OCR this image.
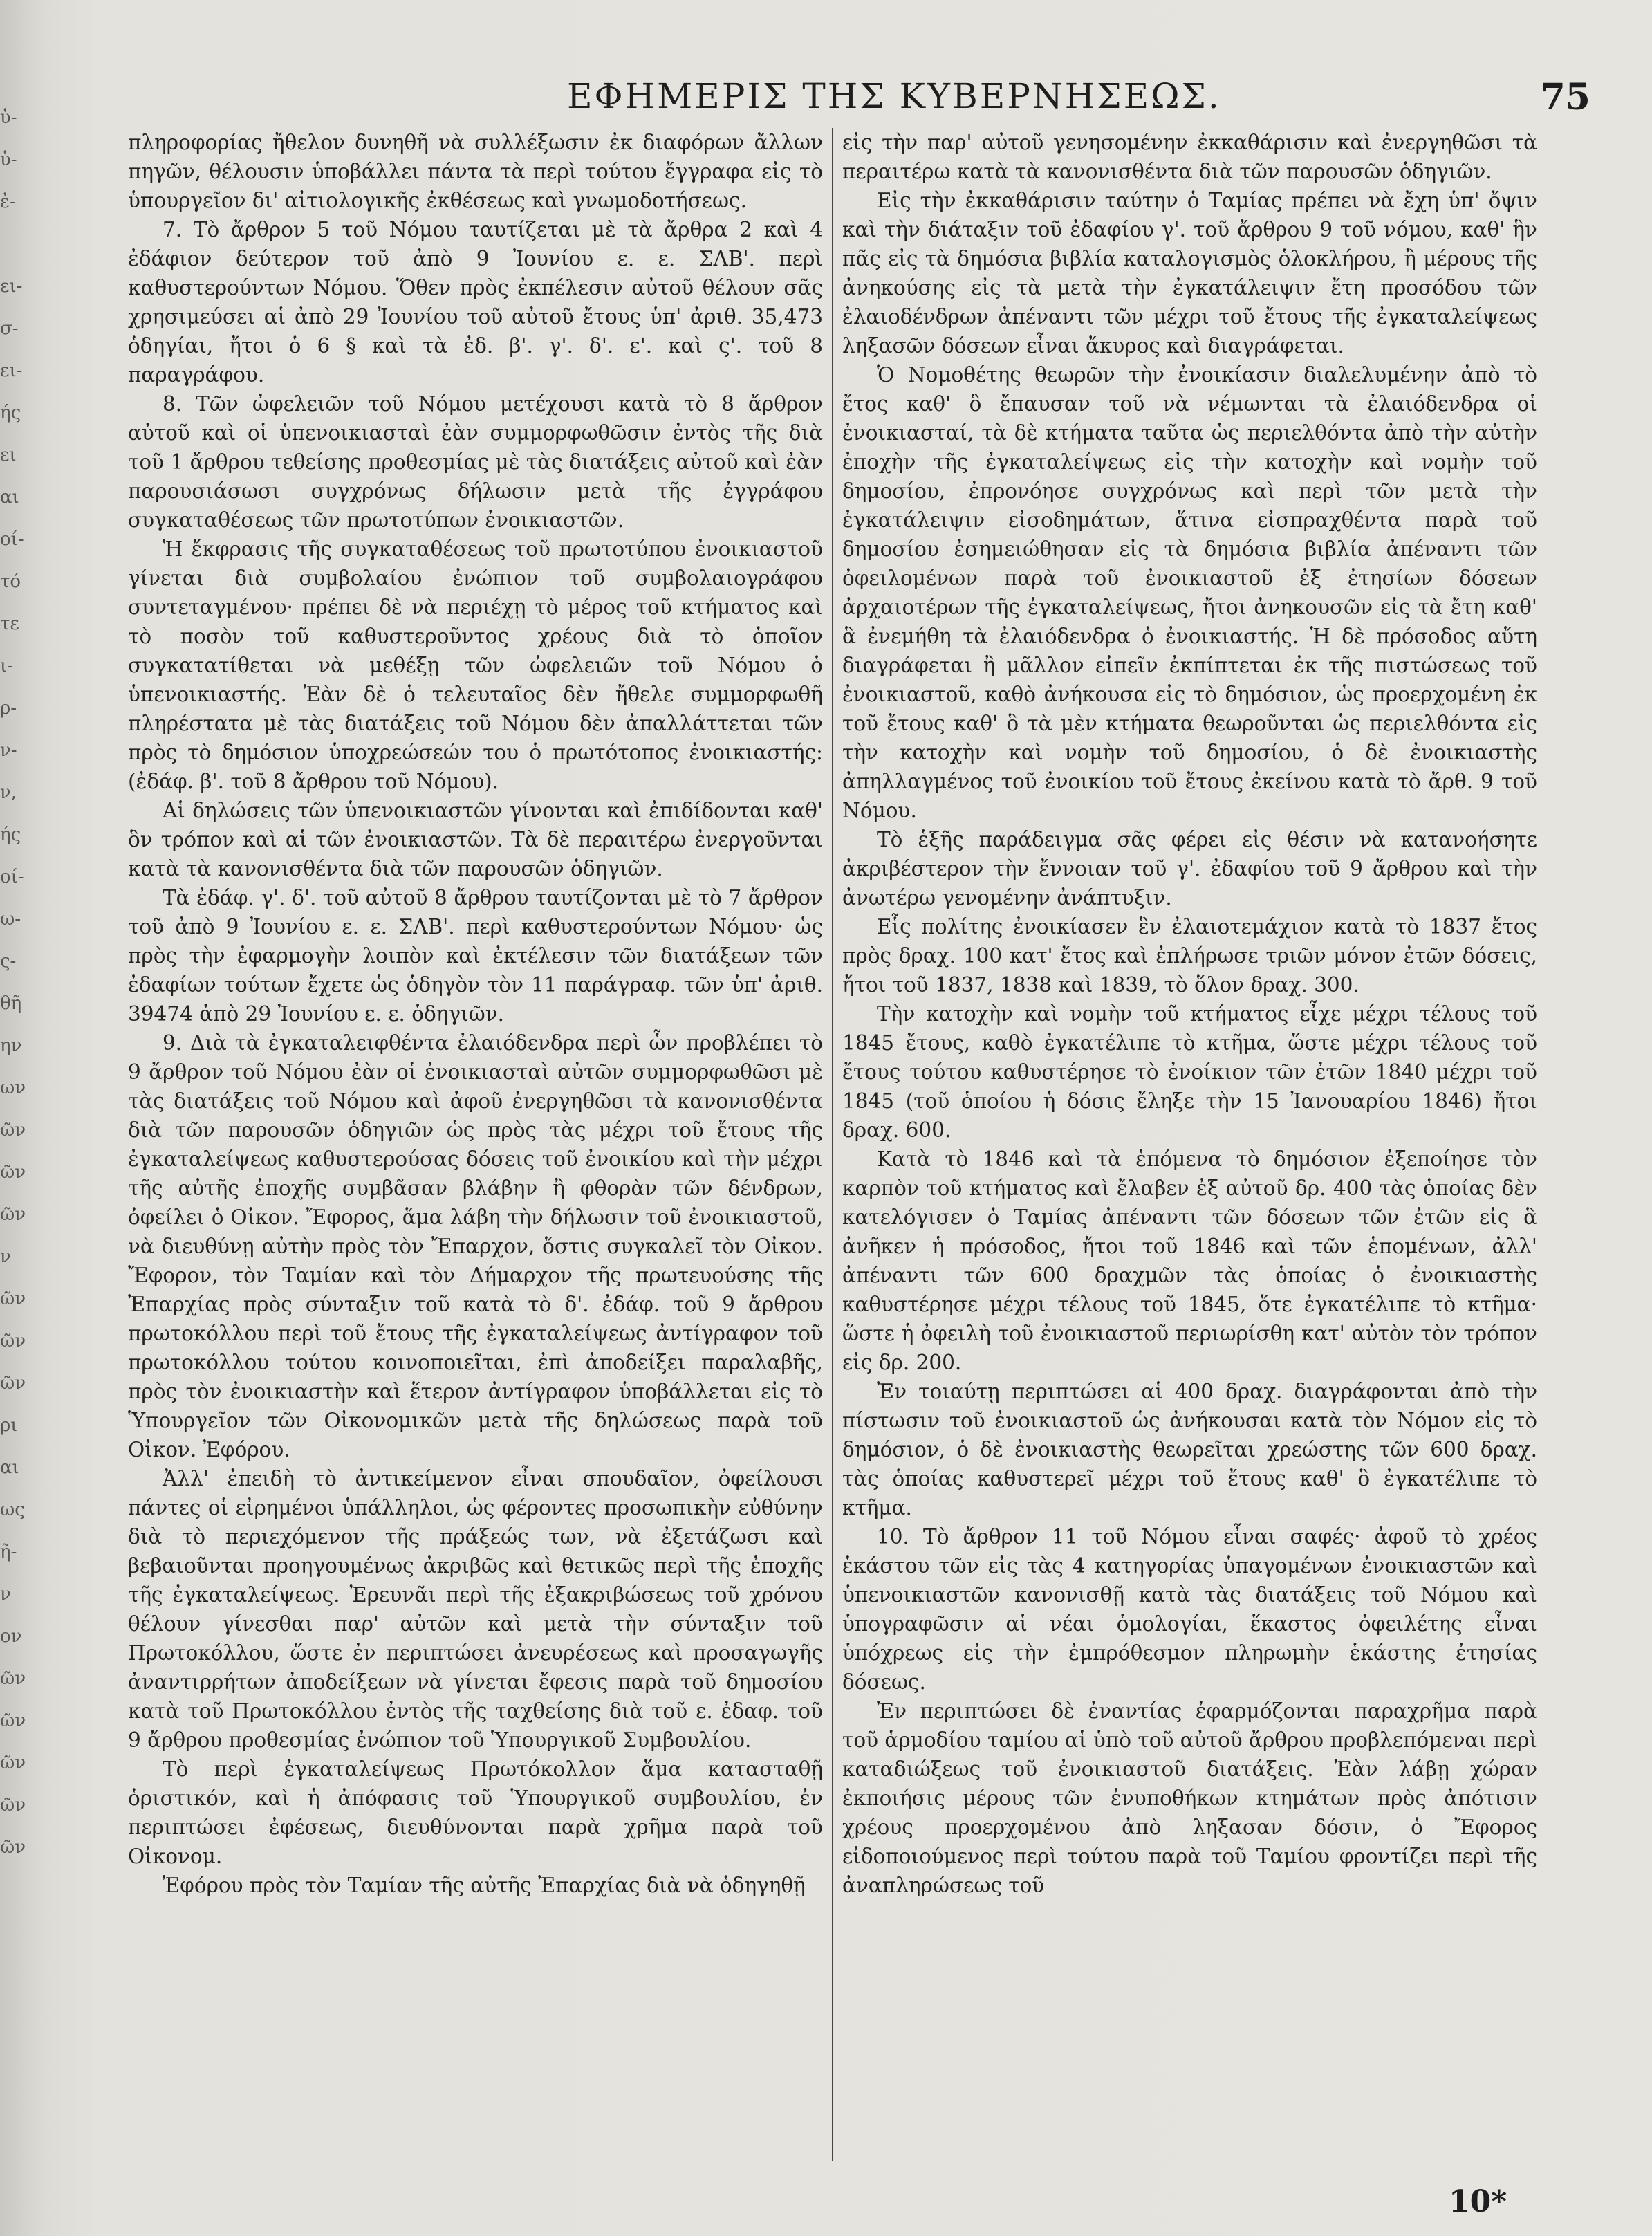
ὑ-
ὑ-
ἐ-
ει-
σ-
ει-
ής
ει
αι
οί-
τό
τε
ι-
ρ-
ν-
ν,
ής
οί-
ω-
ς-
θῆ
ην
ων
ῶν
ῶν
ῶν
ν
ῶν
ῶν
ῶν
ρι
αι
ως
ῆ-
ν
ον
ῶν
ῶν
ῶν
ῶν
ῶν
ΕΦΗΜΕΡΙΣ ΤΗΣ ΚΥΒΕΡΝΗΣΕΩΣ.	75

πληροφορίας ἤθελον δυνηθῆ νὰ συλλέξωσιν ἐκ διαφόρων ἄλλων πηγῶν, θέλουσιν ὑποβάλλει πάντα τὰ περὶ τούτου ἔγγραφα εἰς τὸ ὑπουργεῖον δι' αἰτιολογικῆς ἐκθέσεως καὶ γνωμοδοτήσεως.

7. Τὸ ἄρθρον 5 τοῦ Νόμου ταυτίζεται μὲ τὰ ἄρθρα 2 καὶ 4 ἐδάφιον δεύτερον τοῦ ἀπὸ 9 Ἰουνίου ε. ε. ΣΛΒ'. περὶ καθυστερούντων Νόμου. Ὅθεν πρὸς ἐκπέλεσιν αὐτοῦ θέλουν σᾶς χρησιμεύσει αἱ ἀπὸ 29 Ἰουνίου τοῦ αὐτοῦ ἔτους ὑπ' ἀριθ. 35,473 ὁδηγίαι, ἤτοι ὁ 6 § καὶ τὰ ἐδ. β'. γ'. δ'. ε'. καὶ ς'. τοῦ 8 παραγράφου.

8. Τῶν ὠφελειῶν τοῦ Νόμου μετέχουσι κατὰ τὸ 8 ἄρθρον αὐτοῦ καὶ οἱ ὑπενοικιασταὶ ἐὰν συμμορφωθῶσιν ἐντὸς τῆς διὰ τοῦ 1 ἄρθρου τεθείσης προθεσμίας μὲ τὰς διατάξεις αὐτοῦ καὶ ἐὰν παρουσιάσωσι συγχρόνως δήλωσιν μετὰ τῆς ἐγγράφου συγκαταθέσεως τῶν πρωτοτύπων ἐνοικιαστῶν.

Ἡ ἔκφρασις τῆς συγκαταθέσεως τοῦ πρωτοτύπου ἐνοικιαστοῦ γίνεται διὰ συμβολαίου ἐνώπιον τοῦ συμβολαιογράφου συντεταγμένου· πρέπει δὲ νὰ περιέχῃ τὸ μέρος τοῦ κτήματος καὶ τὸ ποσὸν τοῦ καθυστεροῦντος χρέους διὰ τὸ ὁποῖον συγκατατίθεται νὰ μεθέξῃ τῶν ὠφελειῶν τοῦ Νόμου ὁ ὑπενοικιαστής. Ἐὰν δὲ ὁ τελευταῖος δὲν ἤθελε συμμορφωθῆ πληρέστατα μὲ τὰς διατάξεις τοῦ Νόμου δὲν ἀπαλλάττεται τῶν πρὸς τὸ δημόσιον ὑποχρεώσεών του ὁ πρωτότοπος ἐνοικιαστής: (ἐδάφ. β'. τοῦ 8 ἄρθρου τοῦ Νόμου).

Αἱ δηλώσεις τῶν ὑπενοικιαστῶν γίνονται καὶ ἐπιδίδονται καθ' ὃν τρόπον καὶ αἱ τῶν ἐνοικιαστῶν. Τὰ δὲ περαιτέρω ἐνεργοῦνται κατὰ τὰ κανονισθέντα διὰ τῶν παρουσῶν ὁδηγιῶν.

Τὰ ἐδάφ. γ'. δ'. τοῦ αὐτοῦ 8 ἄρθρου ταυτίζονται μὲ τὸ 7 ἄρθρον τοῦ ἀπὸ 9 Ἰουνίου ε. ε. ΣΛΒ'. περὶ καθυστερούντων Νόμου· ὡς πρὸς τὴν ἐφαρμογὴν λοιπὸν καὶ ἐκτέλεσιν τῶν διατάξεων τῶν ἐδαφίων τούτων ἔχετε ὡς ὁδηγὸν τὸν 11 παράγραφ. τῶν ὑπ' ἀριθ. 39474 ἀπὸ 29 Ἰουνίου ε. ε. ὁδηγιῶν.

9. Διὰ τὰ ἐγκαταλειφθέντα ἐλαιόδενδρα περὶ ὧν προβλέπει τὸ 9 ἄρθρον τοῦ Νόμου ἐὰν οἱ ἐνοικιασταὶ αὐτῶν συμμορφωθῶσι μὲ τὰς διατάξεις τοῦ Νόμου καὶ ἀφοῦ ἐνεργηθῶσι τὰ κανονισθέντα διὰ τῶν παρουσῶν ὁδηγιῶν ὡς πρὸς τὰς μέχρι τοῦ ἔτους τῆς ἐγκαταλείψεως καθυστερούσας δόσεις τοῦ ἐνοικίου καὶ τὴν μέχρι τῆς αὐτῆς ἐποχῆς συμβᾶσαν βλάβην ἢ φθορὰν τῶν δένδρων, ὀφείλει ὁ Οἰκον. Ἔφορος, ἅμα λάβη τὴν δήλωσιν τοῦ ἐνοικιαστοῦ, νὰ διευθύνῃ αὐτὴν πρὸς τὸν Ἔπαρχον, ὅστις συγκαλεῖ τὸν Οἰκον. Ἔφορον, τὸν Ταμίαν καὶ τὸν Δήμαρχον τῆς πρωτευούσης τῆς Ἐπαρχίας πρὸς σύνταξιν τοῦ κατὰ τὸ δ'. ἐδάφ. τοῦ 9 ἄρθρου πρωτοκόλλου περὶ τοῦ ἔτους τῆς ἐγκαταλείψεως ἀντίγραφον τοῦ πρωτοκόλλου τούτου κοινοποιεῖται, ἐπὶ ἀποδείξει παραλαβῆς, πρὸς τὸν ἐνοικιαστὴν καὶ ἕτερον ἀντίγραφον ὑποβάλλεται εἰς τὸ Ὑπουργεῖον τῶν Οἰκονομικῶν μετὰ τῆς δηλώσεως παρὰ τοῦ Οἰκον. Ἐφόρου.

Ἀλλ' ἐπειδὴ τὸ ἀντικείμενον εἶναι σπουδαῖον, ὀφείλουσι πάντες οἱ εἰρημένοι ὑπάλληλοι, ὡς φέροντες προσωπικὴν εὐθύνην διὰ τὸ περιεχόμενον τῆς πράξεώς των, νὰ ἐξετάζωσι καὶ βεβαιοῦνται προηγουμένως ἀκριβῶς καὶ θετικῶς περὶ τῆς ἐποχῆς τῆς ἐγκαταλείψεως. Ἐρευνᾶι περὶ τῆς ἐξακριβώσεως τοῦ χρόνου θέλουν γίνεσθαι παρ' αὐτῶν καὶ μετὰ τὴν σύνταξιν τοῦ Πρωτοκόλλου, ὥστε ἐν περιπτώσει ἀνευρέσεως καὶ προσαγωγῆς ἀναντιρρήτων ἀποδείξεων νὰ γίνεται ἔφεσις παρὰ τοῦ δημοσίου κατὰ τοῦ Πρωτοκόλλου ἐντὸς τῆς ταχθείσης διὰ τοῦ ε. ἐδαφ. τοῦ 9 ἄρθρου προθεσμίας ἐνώπιον τοῦ Ὑπουργικοῦ Συμβουλίου.

Τὸ περὶ ἐγκαταλείψεως Πρωτόκολλον ἅμα κατασταθῇ ὁριστικόν, καὶ ἡ ἀπόφασις τοῦ Ὑπουργικοῦ συμβουλίου, ἐν περιπτώσει ἐφέσεως, διευθύνονται παρὰ χρῆμα παρὰ τοῦ Οἰκονομ.

Ἐφόρου πρὸς τὸν Ταμίαν τῆς αὐτῆς Ἐπαρχίας διὰ νὰ ὁδηγηθῇ

εἰς τὴν παρ' αὐτοῦ γενησομένην ἐκκαθάρισιν καὶ ἐνεργηθῶσι τὰ περαιτέρω κατὰ τὰ κανονισθέντα διὰ τῶν παρουσῶν ὁδηγιῶν.

Εἰς τὴν ἐκκαθάρισιν ταύτην ὁ Ταμίας πρέπει νὰ ἔχη ὑπ' ὄψιν καὶ τὴν διάταξιν τοῦ ἐδαφίου γ'. τοῦ ἄρθρου 9 τοῦ νόμου, καθ' ἣν πᾶς εἰς τὰ δημόσια βιβλία καταλογισμὸς ὁλοκλήρου, ἢ μέρους τῆς ἀνηκούσης εἰς τὰ μετὰ τὴν ἐγκατάλειψιν ἔτη προσόδου τῶν ἐλαιοδένδρων ἀπέναντι τῶν μέχρι τοῦ ἔτους τῆς ἐγκαταλείψεως ληξασῶν δόσεων εἶναι ἄκυρος καὶ διαγράφεται.

Ὁ Νομοθέτης θεωρῶν τὴν ἐνοικίασιν διαλελυμένην ἀπὸ τὸ ἔτος καθ' ὃ ἔπαυσαν τοῦ νὰ νέμωνται τὰ ἐλαιόδενδρα οἱ ἐνοικιασταί, τὰ δὲ κτήματα ταῦτα ὡς περιελθόντα ἀπὸ τὴν αὐτὴν ἐποχὴν τῆς ἐγκαταλείψεως εἰς τὴν κατοχὴν καὶ νομὴν τοῦ δημοσίου, ἐπρονόησε συγχρόνως καὶ περὶ τῶν μετὰ τὴν ἐγκατάλειψιν εἰσοδημάτων, ἅτινα εἰσπραχθέντα παρὰ τοῦ δημοσίου ἐσημειώθησαν εἰς τὰ δημόσια βιβλία ἀπέναντι τῶν ὀφειλομένων παρὰ τοῦ ἐνοικιαστοῦ ἐξ ἐτησίων δόσεων ἀρχαιοτέρων τῆς ἐγκαταλείψεως, ἤτοι ἀνηκουσῶν εἰς τὰ ἔτη καθ' ἃ ἐνεμήθη τὰ ἐλαιόδενδρα ὁ ἐνοικιαστής. Ἡ δὲ πρόσοδος αὕτη διαγράφεται ἢ μᾶλλον εἰπεῖν ἐκπίπτεται ἐκ τῆς πιστώσεως τοῦ ἐνοικιαστοῦ, καθὸ ἀνήκουσα εἰς τὸ δημόσιον, ὡς προερχομένη ἐκ τοῦ ἔτους καθ' ὃ τὰ μὲν κτήματα θεωροῦνται ὡς περιελθόντα εἰς τὴν κατοχὴν καὶ νομὴν τοῦ δημοσίου, ὁ δὲ ἐνοικιαστὴς ἀπηλλαγμένος τοῦ ἐνοικίου τοῦ ἔτους ἐκείνου κατὰ τὸ ἄρθ. 9 τοῦ Νόμου.

Τὸ ἑξῆς παράδειγμα σᾶς φέρει εἰς θέσιν νὰ κατανοήσητε ἀκριβέστερον τὴν ἔννοιαν τοῦ γ'. ἐδαφίου τοῦ 9 ἄρθρου καὶ τὴν ἀνωτέρω γενομένην ἀνάπτυξιν.

Εἷς πολίτης ἐνοικίασεν ἓν ἐλαιοτεμάχιον κατὰ τὸ 1837 ἔτος πρὸς δραχ. 100 κατ' ἔτος καὶ ἐπλήρωσε τριῶν μόνον ἐτῶν δόσεις, ἤτοι τοῦ 1837, 1838 καὶ 1839, τὸ ὅλον δραχ. 300.

Τὴν κατοχὴν καὶ νομὴν τοῦ κτήματος εἶχε μέχρι τέλους τοῦ 1845 ἔτους, καθὸ ἐγκατέλιπε τὸ κτῆμα, ὥστε μέχρι τέλους τοῦ ἔτους τούτου καθυστέρησε τὸ ἐνοίκιον τῶν ἐτῶν 1840 μέχρι τοῦ 1845 (τοῦ ὁποίου ἡ δόσις ἔληξε τὴν 15 Ἰανουαρίου 1846) ἤτοι δραχ. 600.

Κατὰ τὸ 1846 καὶ τὰ ἑπόμενα τὸ δημόσιον ἐξεποίησε τὸν καρπὸν τοῦ κτήματος καὶ ἔλαβεν ἐξ αὐτοῦ δρ. 400 τὰς ὁποίας δὲν κατελόγισεν ὁ Ταμίας ἀπέναντι τῶν δόσεων τῶν ἐτῶν εἰς ἃ ἀνῆκεν ἡ πρόσοδος, ἤτοι τοῦ 1846 καὶ τῶν ἑπομένων, ἀλλ' ἀπέναντι τῶν 600 δραχμῶν τὰς ὁποίας ὁ ἐνοικιαστὴς καθυστέρησε μέχρι τέλους τοῦ 1845, ὅτε ἐγκατέλιπε τὸ κτῆμα· ὥστε ἡ ὀφειλὴ τοῦ ἐνοικιαστοῦ περιωρίσθη κατ' αὐτὸν τὸν τρόπον εἰς δρ. 200.

Ἐν τοιαύτῃ περιπτώσει αἱ 400 δραχ. διαγράφονται ἀπὸ τὴν πίστωσιν τοῦ ἐνοικιαστοῦ ὡς ἀνήκουσαι κατὰ τὸν Νόμον εἰς τὸ δημόσιον, ὁ δὲ ἐνοικιαστὴς θεωρεῖται χρεώστης τῶν 600 δραχ. τὰς ὁποίας καθυστερεῖ μέχρι τοῦ ἔτους καθ' ὃ ἐγκατέλιπε τὸ κτῆμα.

10. Τὸ ἄρθρον 11 τοῦ Νόμου εἶναι σαφές· ἀφοῦ τὸ χρέος ἑκάστου τῶν εἰς τὰς 4 κατηγορίας ὑπαγομένων ἐνοικιαστῶν καὶ ὑπενοικιαστῶν κανονισθῇ κατὰ τὰς διατάξεις τοῦ Νόμου καὶ ὑπογραφῶσιν αἱ νέαι ὁμολογίαι, ἕκαστος ὀφειλέτης εἶναι ὑπόχρεως εἰς τὴν ἐμπρόθεσμον πληρωμὴν ἑκάστης ἐτησίας δόσεως.

Ἐν περιπτώσει δὲ ἐναντίας ἐφαρμόζονται παραχρῆμα παρὰ τοῦ ἁρμοδίου ταμίου αἱ ὑπὸ τοῦ αὐτοῦ ἄρθρου προβλεπόμεναι περὶ καταδιώξεως τοῦ ἐνοικιαστοῦ διατάξεις. Ἐὰν λάβῃ χώραν ἐκποιήσις μέρους τῶν ἐνυποθήκων κτημάτων πρὸς ἀπότισιν χρέους προερχομένου ἀπὸ ληξασαν δόσιν, ὁ Ἔφορος εἰδοποιούμενος περὶ τούτου παρὰ τοῦ Ταμίου φροντίζει περὶ τῆς ἀναπληρώσεως τοῦ

10*
